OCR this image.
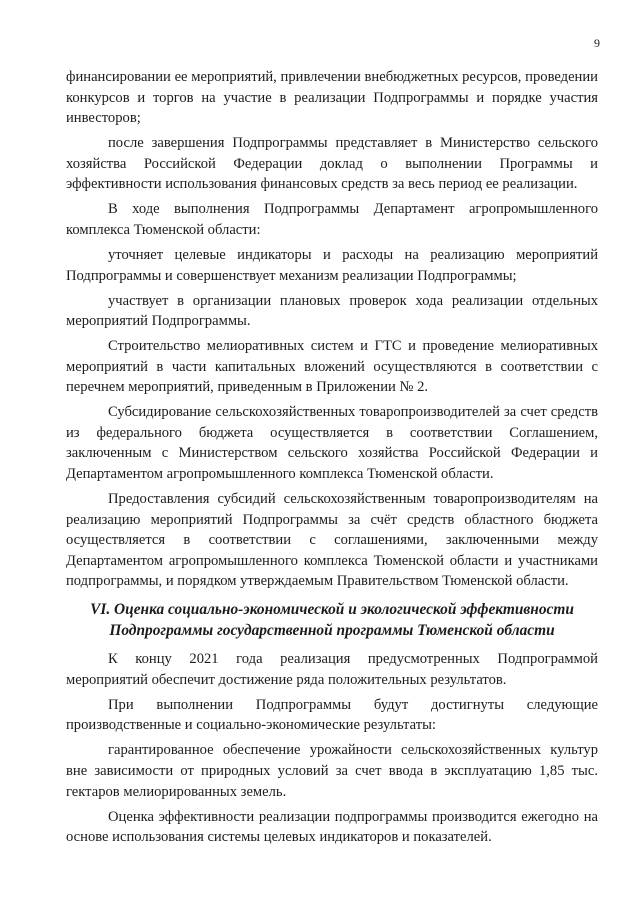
9

финансировании ее мероприятий, привлечении внебюджетных ресурсов, проведении конкурсов и торгов на участие в реализации Подпрограммы и порядке участия инвесторов;

после завершения Подпрограммы представляет в Министерство сельского хозяйства Российской Федерации доклад о выполнении Программы и эффективности использования финансовых средств за весь период ее реализации.

В ходе выполнения Подпрограммы Департамент агропромышленного комплекса Тюменской области:

уточняет целевые индикаторы и расходы на реализацию мероприятий Подпрограммы и совершенствует механизм реализации Подпрограммы;

участвует в организации плановых проверок хода реализации отдельных мероприятий Подпрограммы.

Строительство мелиоративных систем и ГТС и проведение мелиоративных мероприятий в части капитальных вложений осуществляются в соответствии с перечнем мероприятий, приведенным в Приложении № 2.

Субсидирование сельскохозяйственных товаропроизводителей за счет средств из федерального бюджета осуществляется в соответствии Соглашением, заключенным с Министерством сельского хозяйства Российской Федерации и Департаментом агропромышленного комплекса Тюменской области.

Предоставления субсидий сельскохозяйственным товаропроизводителям на реализацию мероприятий Подпрограммы за счёт средств областного бюджета осуществляется в соответствии с соглашениями, заключенными между Департаментом агропромышленного комплекса Тюменской области и участниками подпрограммы, и порядком утверждаемым Правительством Тюменской области.

VI. Оценка социально-экономической и экологической эффективности
Подпрограммы государственной программы Тюменской области

К концу 2021 года реализация предусмотренных Подпрограммой мероприятий обеспечит достижение ряда положительных результатов.

При выполнении Подпрограммы будут достигнуты следующие производственные и социально-экономические результаты:

гарантированное обеспечение урожайности сельскохозяйственных культур вне зависимости от природных условий за счет ввода в эксплуатацию 1,85 тыс. гектаров мелиорированных земель.

Оценка эффективности реализации подпрограммы производится ежегодно на основе использования системы целевых индикаторов и показателей.
